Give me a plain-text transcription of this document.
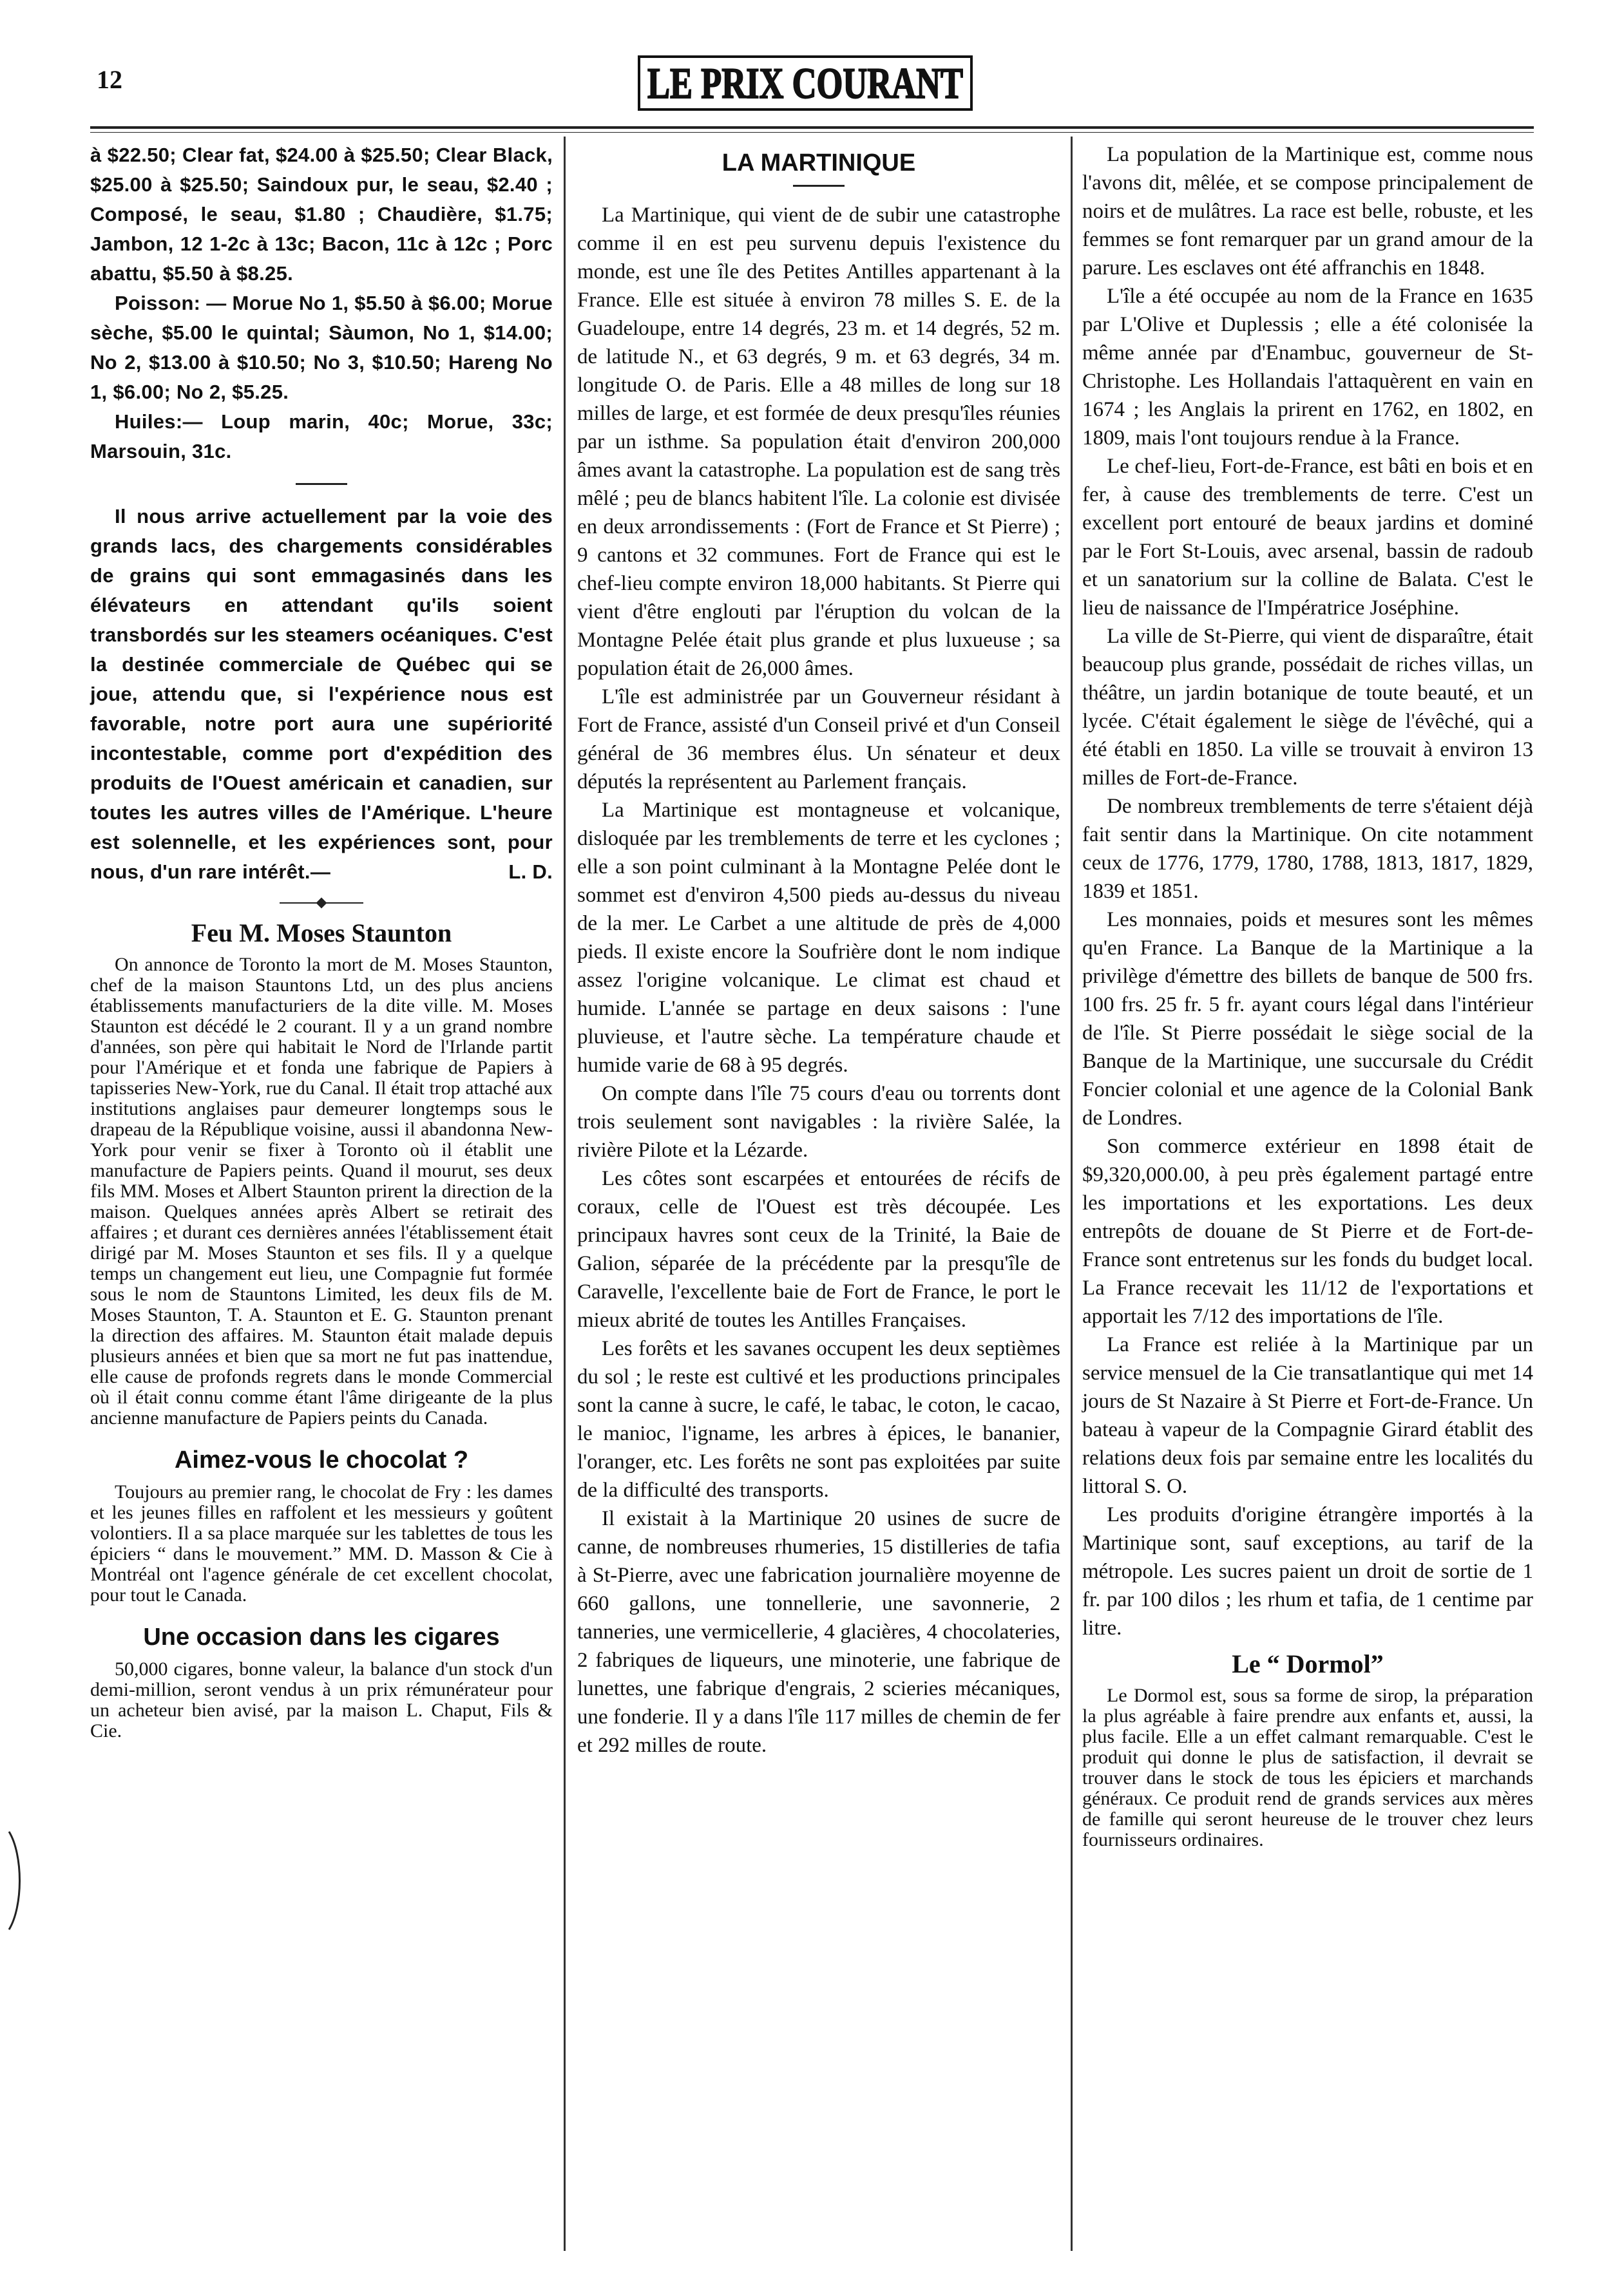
12	LE PRIX COURANT

à $22.50; Clear fat, $24.00 à $25.50; Clear Black, $25.00 à $25.50; Saindoux pur, le seau, $2.40 ; Composé, le seau, $1.80 ; Chaudière, $1.75; Jambon, 12 1-2c à 13c; Bacon, 11c à 12c ; Porc abattu, $5.50 à $8.25.

Poisson: — Morue No 1, $5.50 à $6.00; Morue sèche, $5.00 le quintal; Sàumon, No 1, $14.00; No 2, $13.00 à $10.50; No 3, $10.50; Hareng No 1, $6.00; No 2, $5.25.

Huiles:— Loup marin, 40c; Morue, 33c; Marsouin, 31c.

Il nous arrive actuellement par la voie des grands lacs, des chargements considérables de grains qui sont emmagasinés dans les élévateurs en attendant qu'ils soient transbordés sur les steamers océaniques. C'est la destinée commerciale de Québec qui se joue, attendu que, si l'expérience nous est favorable, notre port aura une supériorité incontestable, comme port d'expédition des produits de l'Ouest américain et canadien, sur toutes les autres villes de l'Amérique. L'heure est solennelle, et les expériences sont, pour nous, d'un rare intérêt.—	L. D.

Feu M. Moses Staunton

On annonce de Toronto la mort de M. Moses Staunton, chef de la maison Stauntons Ltd, un des plus anciens établissements manufacturiers de la dite ville. M. Moses Staunton est décédé le 2 courant. Il y a un grand nombre d'années, son père qui habitait le Nord de l'Irlande partit pour l'Amérique et et fonda une fabrique de Papiers à tapisseries New-York, rue du Canal. Il était trop attaché aux institutions anglaises paur demeurer longtemps sous le drapeau de la République voisine, aussi il abandonna New-York pour venir se fixer à Toronto où il établit une manufacture de Papiers peints. Quand il mourut, ses deux fils MM. Moses et Albert Staunton prirent la direction de la maison. Quelques années après Albert se retirait des affaires ; et durant ces dernières années l'établissement était dirigé par M. Moses Staunton et ses fils. Il y a quelque temps un changement eut lieu, une Compagnie fut formée sous le nom de Stauntons Limited, les deux fils de M. Moses Staunton, T. A. Staunton et E. G. Staunton prenant la direction des affaires. M. Staunton était malade depuis plusieurs années et bien que sa mort ne fut pas inattendue, elle cause de profonds regrets dans le monde Commercial où il était connu comme étant l'âme dirigeante de la plus ancienne manufacture de Papiers peints du Canada.

Aimez-vous le chocolat ?

Toujours au premier rang, le chocolat de Fry : les dames et les jeunes filles en raffolent et les messieurs y goûtent volontiers. Il a sa place marquée sur les tablettes de tous les épiciers “ dans le mouvement.” MM. D. Masson & Cie à Montréal ont l'agence générale de cet excellent chocolat, pour tout le Canada.

Une occasion dans les cigares

50,000 cigares, bonne valeur, la balance d'un stock d'un demi-million, seront vendus à un prix rémunérateur pour un acheteur bien avisé, par la maison L. Chaput, Fils & Cie.

LA MARTINIQUE

La Martinique, qui vient de de subir une catastrophe comme il en est peu survenu depuis l'existence du monde, est une île des Petites Antilles appartenant à la France. Elle est située à environ 78 milles S. E. de la Guadeloupe, entre 14 degrés, 23 m. et 14 degrés, 52 m. de latitude N., et 63 degrés, 9 m. et 63 degrés, 34 m. longitude O. de Paris. Elle a 48 milles de long sur 18 milles de large, et est formée de deux presqu'îles réunies par un isthme. Sa population était d'environ 200,000 âmes avant la catastrophe. La population est de sang très mêlé ; peu de blancs habitent l'île. La colonie est divisée en deux arrondissements : (Fort de France et St Pierre) ; 9 cantons et 32 communes. Fort de France qui est le chef-lieu compte environ 18,000 habitants. St Pierre qui vient d'être englouti par l'éruption du volcan de la Montagne Pelée était plus grande et plus luxueuse ; sa population était de 26,000 âmes.

L'île est administrée par un Gouverneur résidant à Fort de France, assisté d'un Conseil privé et d'un Conseil général de 36 membres élus. Un sénateur et deux députés la représentent au Parlement français.

La Martinique est montagneuse et volcanique, disloquée par les tremblements de terre et les cyclones ; elle a son point culminant à la Montagne Pelée dont le sommet est d'environ 4,500 pieds au-dessus du niveau de la mer. Le Carbet a une altitude de près de 4,000 pieds. Il existe encore la Soufrière dont le nom indique assez l'origine volcanique. Le climat est chaud et humide. L'année se partage en deux saisons : l'une pluvieuse, et l'autre sèche. La température chaude et humide varie de 68 à 95 degrés.

On compte dans l'île 75 cours d'eau ou torrents dont trois seulement sont navigables : la rivière Salée, la rivière Pilote et la Lézarde.

Les côtes sont escarpées et entourées de récifs de coraux, celle de l'Ouest est très découpée. Les principaux havres sont ceux de la Trinité, la Baie de Galion, séparée de la précédente par la presqu'île de Caravelle, l'excellente baie de Fort de France, le port le mieux abrité de toutes les Antilles Françaises.

Les forêts et les savanes occupent les deux septièmes du sol ; le reste est cultivé et les productions principales sont la canne à sucre, le café, le tabac, le coton, le cacao, le manioc, l'igname, les arbres à épices, le bananier, l'oranger, etc. Les forêts ne sont pas exploitées par suite de la difficulté des transports.

Il existait à la Martinique 20 usines de sucre de canne, de nombreuses rhumeries, 15 distilleries de tafia à St-Pierre, avec une fabrication journalière moyenne de 660 gallons, une tonnellerie, une savonnerie, 2 tanneries, une vermicellerie, 4 glacières, 4 chocolateries, 2 fabriques de liqueurs, une minoterie, une fabrique de lunettes, une fabrique d'engrais, 2 scieries mécaniques, une fonderie. Il y a dans l'île 117 milles de chemin de fer et 292 milles de route.

La population de la Martinique est, comme nous l'avons dit, mêlée, et se compose principalement de noirs et de mulâtres. La race est belle, robuste, et les femmes se font remarquer par un grand amour de la parure. Les esclaves ont été affranchis en 1848.

L'île a été occupée au nom de la France en 1635 par L'Olive et Duplessis ; elle a été colonisée la même année par d'Enambuc, gouverneur de St-Christophe. Les Hollandais l'attaquèrent en vain en 1674 ; les Anglais la prirent en 1762, en 1802, en 1809, mais l'ont toujours rendue à la France.

Le chef-lieu, Fort-de-France, est bâti en bois et en fer, à cause des tremblements de terre. C'est un excellent port entouré de beaux jardins et dominé par le Fort St-Louis, avec arsenal, bassin de radoub et un sanatorium sur la colline de Balata. C'est le lieu de naissance de l'Impératrice Joséphine.

La ville de St-Pierre, qui vient de disparaître, était beaucoup plus grande, possédait de riches villas, un théâtre, un jardin botanique de toute beauté, et un lycée. C'était également le siège de l'évêché, qui a été établi en 1850. La ville se trouvait à environ 13 milles de Fort-de-France.

De nombreux tremblements de terre s'étaient déjà fait sentir dans la Martinique. On cite notamment ceux de 1776, 1779, 1780, 1788, 1813, 1817, 1829, 1839 et 1851.

Les monnaies, poids et mesures sont les mêmes qu'en France. La Banque de la Martinique a la privilège d'émettre des billets de banque de 500 frs. 100 frs. 25 fr. 5 fr. ayant cours légal dans l'intérieur de l'île. St Pierre possédait le siège social de la Banque de la Martinique, une succursale du Crédit Foncier colonial et une agence de la Colonial Bank de Londres.

Son commerce extérieur en 1898 était de $9,320,000.00, à peu près également partagé entre les importations et les exportations. Les deux entrepôts de douane de St Pierre et de Fort-de-France sont entretenus sur les fonds du budget local. La France recevait les 11/12 de l'exportations et apportait les 7/12 des importations de l'île.

La France est reliée à la Martinique par un service mensuel de la Cie transatlantique qui met 14 jours de St Nazaire à St Pierre et Fort-de-France. Un bateau à vapeur de la Compagnie Girard établit des relations deux fois par semaine entre les localités du littoral S. O.

Les produits d'origine étrangère importés à la Martinique sont, sauf exceptions, au tarif de la métropole. Les sucres paient un droit de sortie de 1 fr. par 100 dilos ; les rhum et tafia, de 1 centime par litre.

Le “ Dormol”

Le Dormol est, sous sa forme de sirop, la préparation la plus agréable à faire prendre aux enfants et, aussi, la plus facile. Elle a un effet calmant remarquable. C'est le produit qui donne le plus de satisfaction, il devrait se trouver dans le stock de tous les épiciers et marchands généraux. Ce produit rend de grands services aux mères de famille qui seront heureuse de le trouver chez leurs fournisseurs ordinaires.
